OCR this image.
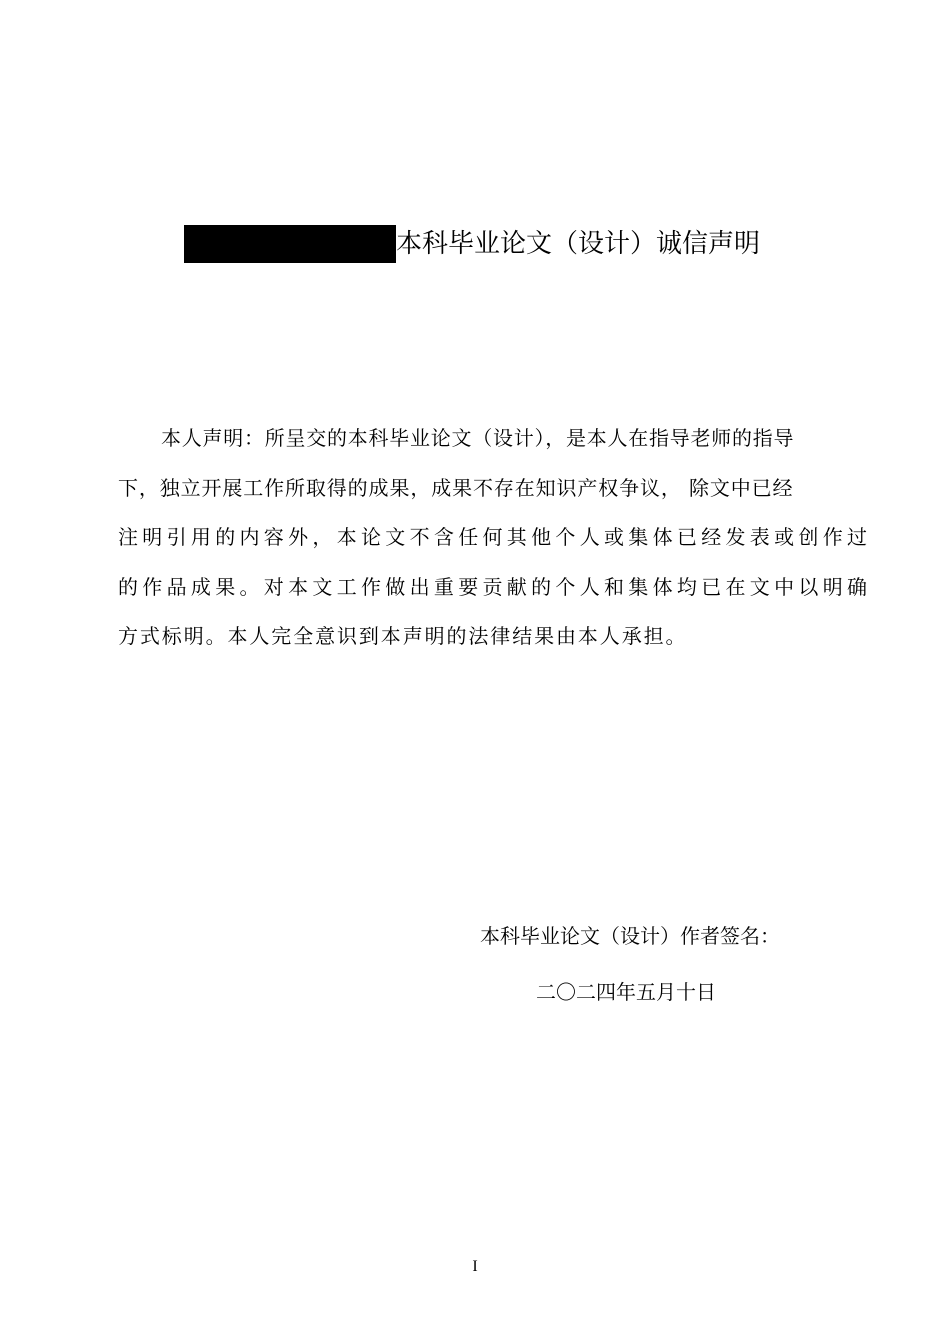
本科毕业论文（设计）诚信声明
本人声明：所呈交的本科毕业论文（设计），是本人在指导老师的指导
下，独立开展工作所取得的成果，成果不存在知识产权争议， 除文中已经
注明引用的内容外，本论文不含任何其他个人或集体已经发表或创作过
的作品成果。对本文工作做出重要贡献的个人和集体均已在文中以明确
方式标明。本人完全意识到本声明的法律结果由本人承担。
本科毕业论文（设计）作者签名：
二〇二四年五月十日
I
